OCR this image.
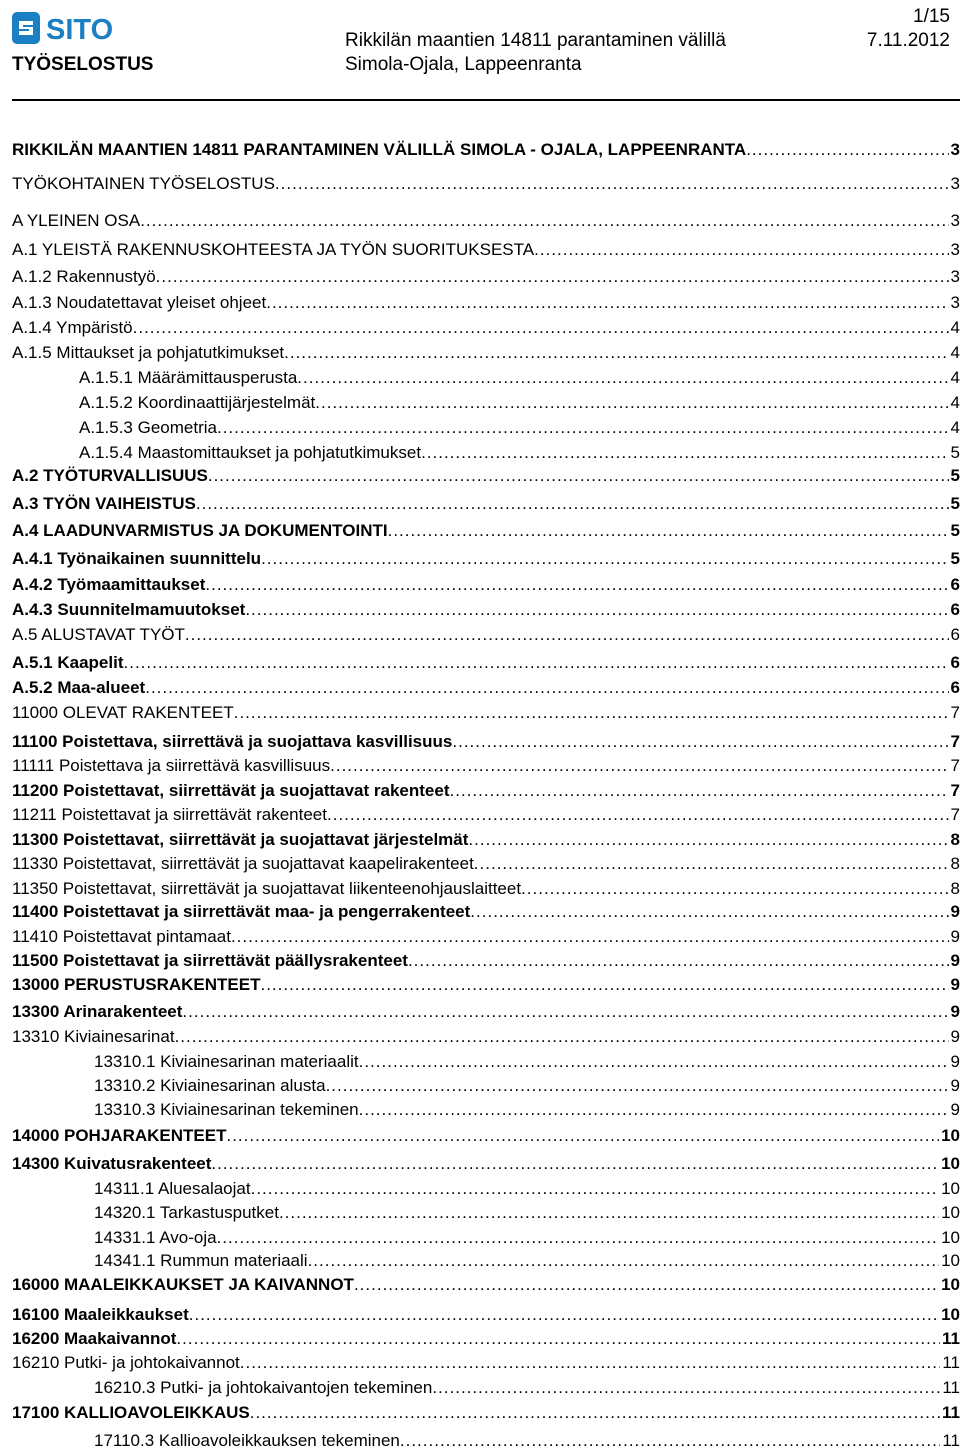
SITO
TYÖSELOSTUS
Rikkilän maantien 14811 parantaminen välillä
Simola-Ojala, Lappeenranta
1/15
7.11.2012
RIKKILÄN MAANTIEN 14811 PARANTAMINEN VÄLILLÄ SIMOLA - OJALA, LAPPEENRANTA .....	3
TYÖKOHTAINEN TYÖSELOSTUS .....	3
A YLEINEN OSA .....	3
A.1 YLEISTÄ RAKENNUSKOHTEESTA JA TYÖN SUORITUKSESTA .....	3
A.1.2 Rakennustyö .....	3
A.1.3 Noudatettavat yleiset ohjeet .....	3
A.1.4 Ympäristö .....	4
A.1.5 Mittaukset ja pohjatutkimukset .....	4
A.1.5.1 Määrämittausperusta .....	4
A.1.5.2 Koordinaattijärjestelmät .....	4
A.1.5.3 Geometria .....	4
A.1.5.4 Maastomittaukset ja pohjatutkimukset .....	5
A.2 TYÖTURVALLISUUS .....	5
A.3 TYÖN VAIHEISTUS .....	5
A.4 LAADUNVARMISTUS JA DOKUMENTOINTI .....	5
A.4.1 Työnaikainen suunnittelu .....	5
A.4.2 Työmaamittaukset .....	6
A.4.3 Suunnitelmamuutokset .....	6
A.5 ALUSTAVAT TYÖT .....	6
A.5.1 Kaapelit .....	6
A.5.2 Maa-alueet .....	6
11000 OLEVAT RAKENTEET .....	7
11100 Poistettava, siirrettävä ja suojattava kasvillisuus .....	7
11111 Poistettava ja siirrettävä kasvillisuus .....	7
11200 Poistettavat, siirrettävät ja suojattavat rakenteet .....	7
11211 Poistettavat ja siirrettävät rakenteet .....	7
11300 Poistettavat, siirrettävät ja suojattavat järjestelmät .....	8
11330 Poistettavat, siirrettävät ja suojattavat kaapelirakenteet .....	8
11350 Poistettavat, siirrettävät ja suojattavat liikenteenohjauslaitteet .....	8
11400 Poistettavat ja siirrettävät maa- ja pengerrakenteet .....	9
11410 Poistettavat pintamaat .....	9
11500 Poistettavat ja siirrettävät päällysrakenteet .....	9
13000 PERUSTUSRAKENTEET .....	9
13300 Arinarakenteet .....	9
13310 Kiviainesarinat .....	9
13310.1 Kiviainesarinan materiaalit .....	9
13310.2 Kiviainesarinan alusta .....	9
13310.3 Kiviainesarinan tekeminen .....	9
14000 POHJARAKENTEET .....	10
14300 Kuivatusrakenteet .....	10
14311.1 Aluesalaojat .....	10
14320.1 Tarkastusputket .....	10
14331.1 Avo-oja .....	10
14341.1 Rummun materiaali .....	10
16000 MAALEIKKAUKSET JA KAIVANNOT .....	10
16100 Maaleikkaukset .....	10
16200 Maakaivannot .....	11
16210 Putki- ja johtokaivannot .....	11
16210.3 Putki- ja johtokaivantojen tekeminen .....	11
17100 KALLIOAVOLEIKKAUS .....	11
17110.3 Kallioavoleikkauksen tekeminen .....	11
